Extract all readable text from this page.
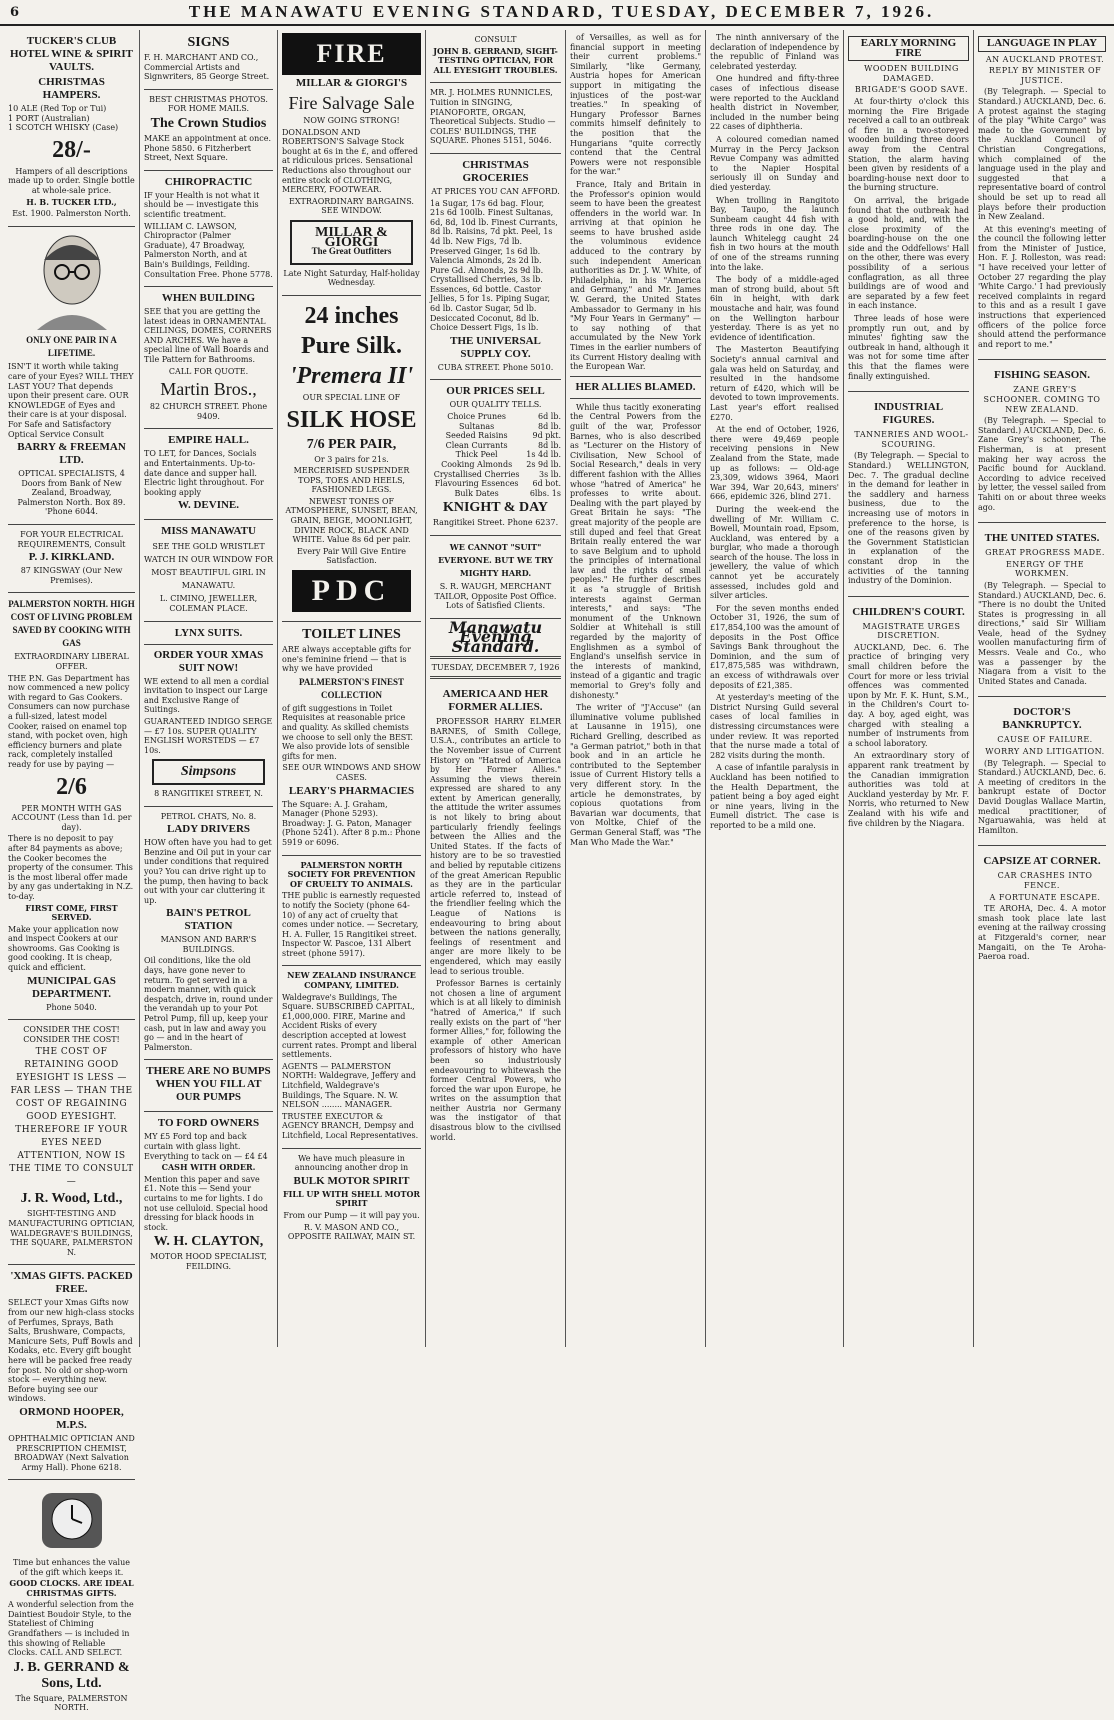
6	THE MANAWATU EVENING STANDARD, TUESDAY, DECEMBER 7, 1926.
TUCKER'S CLUB HOTEL WINE & SPIRIT VAULTS.
CHRISTMAS HAMPERS.

10 ALE (Red Top or Tui)
1 PORT (Australian)
1 SCOTCH WHISKY (Case)

28/-

Hampers of all descriptions made up to order. Single bottle at whole-sale price.

H. B. TUCKER LTD.,

Est. 1900. Palmerston North.

ONLY ONE PAIR IN A LIFETIME.

ISN'T it worth while taking care of your Eyes? WILL THEY LAST YOU? That depends upon their present care. OUR KNOWLEDGE of Eyes and their care is at your disposal. For Safe and Satisfactory Optical Service Consult

BARRY & FREEMAN LTD.

OPTICAL SPECIALISTS, 4 Doors from Bank of New Zealand, Broadway, Palmerston North. Box 89. 'Phone 6044.

FOR YOUR ELECTRICAL REQUIREMENTS, Consult

P. J. KIRKLAND.

87 KINGSWAY (Our New Premises).

PALMERSTON NORTH. HIGH COST OF LIVING PROBLEM SAVED BY COOKING WITH GAS

EXTRAORDINARY LIBERAL OFFER.

THE P.N. Gas Department has now commenced a new policy with regard to Gas Cookers. Consumers can now purchase a full-sized, latest model Cooker, raised on enamel top stand, with pocket oven, high efficiency burners and plate rack, completely installed ready for use by paying —

2/6

PER MONTH WITH GAS ACCOUNT (Less than 1d. per day).

There is no deposit to pay after 84 payments as above; the Cooker becomes the property of the consumer. This is the most liberal offer made by any gas undertaking in N.Z. to-day.

FIRST COME, FIRST SERVED.

Make your application now and inspect Cookers at our showrooms. Gas Cooking is good cooking. It is cheap, quick and efficient.

MUNICIPAL GAS DEPARTMENT.

Phone 5040.

CONSIDER THE COST! CONSIDER THE COST!

THE COST OF RETAINING GOOD EYESIGHT IS LESS — FAR LESS — THAN THE COST OF REGAINING GOOD EYESIGHT. THEREFORE IF YOUR EYES NEED ATTENTION, NOW IS THE TIME TO CONSULT —

J. R. Wood, Ltd.,

SIGHT-TESTING AND MANUFACTURING OPTICIAN, WALDEGRAVE'S BUILDINGS, THE SQUARE, PALMERSTON N.

'XMAS GIFTS. PACKED FREE.

SELECT your Xmas Gifts now from our new high-class stocks of Perfumes, Sprays, Bath Salts, Brushware, Compacts, Manicure Sets, Puff Bowls and Kodaks, etc. Every gift bought here will be packed free ready for post. No old or shop-worn stock — everything new. Before buying see our windows.

ORMOND HOOPER, M.P.S.

OPHTHALMIC OPTICIAN AND PRESCRIPTION CHEMIST, BROADWAY (Next Salvation Army Hall). Phone 6218.

Time but enhances the value of the gift which keeps it.

GOOD CLOCKS. ARE IDEAL CHRISTMAS GIFTS.

A wonderful selection from the Daintiest Boudoir Style, to the Stateliest of Chiming Grandfathers — is included in this showing of Reliable Clocks. CALL AND SELECT.

J. B. GERRAND & Sons, Ltd.

The Square, PALMERSTON NORTH.

SIGNS

F. H. MARCHANT AND CO., Commercial Artists and Signwriters, 85 George Street.

BEST CHRISTMAS PHOTOS. FOR HOME MAILS.

The Crown Studios

MAKE an appointment at once. Phone 5850. 6 Fitzherbert Street, Next Square.

CHIROPRACTIC

IF your Health is not what it should be — investigate this scientific treatment.

WILLIAM C. LAWSON, Chiropractor (Palmer Graduate), 47 Broadway, Palmerston North, and at Bain's Buildings, Feilding. Consultation Free. Phone 5778.

WHEN BUILDING

SEE that you are getting the latest ideas in ORNAMENTAL CEILINGS, DOMES, CORNERS AND ARCHES. We have a special line of Wall Boards and Tile Pattern for Bathrooms.

CALL FOR QUOTE.

Martin Bros.,

82 CHURCH STREET. Phone 9409.

EMPIRE HALL.

TO LET, for Dances, Socials and Entertainments. Up-to-date dance and supper hall. Electric light throughout. For booking apply

W. DEVINE.
MISS MANAWATU

SEE THE GOLD WRISTLET WATCH IN OUR WINDOW FOR MOST BEAUTIFUL GIRL IN MANAWATU.

L. CIMINO, JEWELLER, COLEMAN PLACE.

LYNX SUITS.
ORDER YOUR XMAS SUIT NOW!

WE extend to all men a cordial invitation to inspect our Large and Exclusive Range of Suitings.

GUARANTEED INDIGO SERGE — £7 10s. SUPER QUALITY ENGLISH WORSTEDS — £7 10s.

Simpsons

8 RANGITIKEI STREET, N.

PETROL CHATS, No. 8.

LADY DRIVERS

HOW often have you had to get Benzine and Oil put in your car under conditions that required you? You can drive right up to the pump, then having to back out with your car cluttering it up.

BAIN'S PETROL STATION

MANSON AND BARR'S BUILDINGS.

Oil conditions, like the old days, have gone never to return. To get served in a modern manner, with quick despatch, drive in, round under the verandah up to your Pot Petrol Pump, fill up, keep your cash, put in law and away you go — and in the heart of Palmerston.

THERE ARE NO BUMPS WHEN YOU FILL AT OUR PUMPS
TO FORD OWNERS

MY £5 Ford top and back curtain with glass light. Everything to tack on — £4 £4

CASH WITH ORDER.

Mention this paper and save £1. Note this — Send your curtains to me for lights. I do not use celluloid. Special hood dressing for black hoods in stock.

W. H. CLAYTON,

MOTOR HOOD SPECIALIST, FEILDING.

FIRE
MILLAR & GIORGI'S
Fire Salvage Sale

NOW GOING STRONG!

DONALDSON AND ROBERTSON'S Salvage Stock bought at 6s in the £, and offered at ridiculous prices. Sensational Reductions also throughout our entire stock of CLOTHING, MERCERY, FOOTWEAR.

EXTRAORDINARY BARGAINS. SEE WINDOW.

MILLAR & GIORGI
The Great Outfitters

Late Night Saturday, Half-holiday Wednesday.

24 inches
Pure Silk.
'Premera II'

OUR SPECIAL LINE OF

SILK HOSE
7/6 PER PAIR,

Or 3 pairs for 21s.

MERCERISED SUSPENDER TOPS, TOES AND HEELS, FASHIONED LEGS.

NEWEST TONES OF ATMOSPHERE, SUNSET, BEAN, GRAIN, BEIGE, MOONLIGHT, DIVINE ROCK, BLACK AND WHITE. Value 8s 6d per pair.

Every Pair Will Give Entire Satisfaction.

PDC
TOILET LINES

ARE always acceptable gifts for one's feminine friend — that is why we have provided

PALMERSTON'S FINEST COLLECTION

of gift suggestions in Toilet Requisites at reasonable price and quality. As skilled chemists we choose to sell only the BEST. We also provide lots of sensible gifts for men.

SEE OUR WINDOWS AND SHOW CASES.

LEARY'S PHARMACIES

The Square: A. J. Graham, Manager (Phone 5293). Broadway: J. G. Paton, Manager (Phone 5241). After 8 p.m.: Phone 5919 or 6096.

PALMERSTON NORTH SOCIETY FOR PREVENTION OF CRUELTY TO ANIMALS.

THE public is earnestly requested to notify the Society (phone 64-10) of any act of cruelty that comes under notice. — Secretary, H. A. Fuller, 15 Rangitikei street. Inspector W. Pascoe, 131 Albert street (phone 5917).

NEW ZEALAND INSURANCE COMPANY, LIMITED.

Waldegrave's Buildings, The Square. SUBSCRIBED CAPITAL, £1,000,000. FIRE, Marine and Accident Risks of every description accepted at lowest current rates. Prompt and liberal settlements.

AGENTS — PALMERSTON NORTH: Waldegrave, Jeffery and Litchfield, Waldegrave's Buildings, The Square. N. W. NELSON ........ MANAGER.

TRUSTEE EXECUTOR & AGENCY BRANCH, Dempsy and Litchfield, Local Representatives.

We have much pleasure in announcing another drop in

BULK MOTOR SPIRIT

FILL UP WITH SHELL MOTOR SPIRIT

From our Pump — it will pay you.

R. V. MASON AND CO., OPPOSITE RAILWAY, MAIN ST.

CONSULT

JOHN B. GERRAND, SIGHT-TESTING OPTICIAN, FOR ALL EYESIGHT TROUBLES.

MR. J. HOLMES RUNNICLES, Tuition in SINGING, PIANOFORTE, ORGAN, Theoretical Subjects. Studio — COLES' BUILDINGS, THE SQUARE. Phones 5151, 5046.

CHRISTMAS GROCERIES

AT PRICES YOU CAN AFFORD.

1a Sugar, 17s 6d bag. Flour, 21s 6d 100lb. Finest Sultanas, 6d, 8d, 10d lb. Finest Currants, 8d lb. Raisins, 7d pkt. Peel, 1s 4d lb. New Figs, 7d lb. Preserved Ginger, 1s 6d lb. Valencia Almonds, 2s 2d lb. Pure Gd. Almonds, 2s 9d lb. Crystallised Cherries, 3s lb. Essences, 6d bottle. Castor Jellies, 5 for 1s. Piping Sugar, 6d lb. Castor Sugar, 5d lb. Desiccated Coconut, 8d lb. Choice Dessert Figs, 1s lb.

THE UNIVERSAL SUPPLY COY.

CUBA STREET. Phone 5010.

OUR PRICES SELL

OUR QUALITY TELLS.

Choice Prunes	6d lb.
Sultanas	8d lb.
Seeded Raisins	9d pkt.
Clean Currants	8d lb.
Thick Peel	1s 4d lb.
Cooking Almonds	2s 9d lb.
Crystallised Cherries	3s lb.
Flavouring Essences	6d bot.
Bulk Dates	6lbs. 1s
KNIGHT & DAY

Rangitikei Street. Phone 6237.

WE CANNOT "SUIT" EVERYONE. BUT WE TRY MIGHTY HARD.

S. R. WAUGH, MERCHANT TAILOR, Opposite Post Office. Lots of Satisfied Clients.

Manawatu Evening Standard.

TUESDAY, DECEMBER 7, 1926

AMERICA AND HER FORMER ALLIES.

PROFESSOR HARRY ELMER BARNES, of Smith College, U.S.A., contributes an article to the November issue of Current History on "Hatred of America by Her Former Allies." Assuming the views therein expressed are shared to any extent by American generally, the attitude the writer assumes is not likely to bring about particularly friendly feelings between the Allies and the United States. If the facts of history are to be so travestied and belied by reputable citizens of the great American Republic as they are in the particular article referred to, instead of the friendlier feeling which the League of Nations is endeavouring to bring about between the nations generally, feelings of resentment and anger are more likely to be engendered, which may easily lead to serious trouble.

Professor Barnes is certainly not chosen a line of argument which is at all likely to diminish "hatred of America," if such really exists on the part of "her former Allies," for, following the example of other American professors of history who have been so industriously endeavouring to whitewash the former Central Powers, who forced the war upon Europe, he writes on the assumption that neither Austria nor Germany was the instigator of that disastrous blow to the civilised world.

of Versailles, as well as for financial support in meeting their current problems." Similarly, "like Germany, Austria hopes for American support in mitigating the injustices of the post-war treaties." In speaking of Hungary Professor Barnes commits himself definitely to the position that the Hungarians "quite correctly contend that the Central Powers were not responsible for the war."

France, Italy and Britain in the Professor's opinion would seem to have been the greatest offenders in the world war. In arriving at that opinion he seems to have brushed aside the voluminous evidence adduced to the contrary by such independent American authorities as Dr. J. W. White, of Philadelphia, in his "America and Germany," and Mr. James W. Gerard, the United States Ambassador to Germany in his "My Four Years in Germany" — to say nothing of that accumulated by the New York Times in the earlier numbers of its Current History dealing with the European War.

HER ALLIES BLAMED.

While thus tacitly exonerating the Central Powers from the guilt of the war, Professor Barnes, who is also described as "Lecturer on the History of Civilisation, New School of Social Research," deals in very different fashion with the Allies whose "hatred of America" he professes to write about. Dealing with the part played by Great Britain he says: "The great majority of the people are still duped and feel that Great Britain really entered the war to save Belgium and to uphold the principles of international law and the rights of small peoples." He further describes it as "a struggle of British interests against German interests," and says: "The monument of the Unknown Soldier at Whitehall is still regarded by the majority of Englishmen as a symbol of England's unselfish service in the interests of mankind, instead of a gigantic and tragic memorial to Grey's folly and dishonesty."

The writer of "J'Accuse" (an illuminative volume published at Lausanne in 1915), one Richard Grelling, described as "a German patriot," both in that book and in an article he contributed to the September issue of Current History tells a very different story. In the article he demonstrates, by copious quotations from Bavarian war documents, that von Moltke, Chief of the German General Staff, was "The Man Who Made the War."

The ninth anniversary of the declaration of independence by the republic of Finland was celebrated yesterday.

One hundred and fifty-three cases of infectious disease were reported to the Auckland health district in November, included in the number being 22 cases of diphtheria.

A coloured comedian named Murray in the Percy Jackson Revue Company was admitted to the Napier Hospital seriously ill on Sunday and died yesterday.

When trolling in Rangitoto Bay, Taupo, the launch Sunbeam caught 44 fish with three rods in one day. The launch Whitelegg caught 24 fish in two hours at the mouth of one of the streams running into the lake.

The body of a middle-aged man of strong build, about 5ft 6in in height, with dark moustache and hair, was found on the Wellington harbour yesterday. There is as yet no evidence of identification.

The Masterton Beautifying Society's annual carnival and gala was held on Saturday, and resulted in the handsome return of £420, which will be devoted to town improvements. Last year's effort realised £270.

At the end of October, 1926, there were 49,469 people receiving pensions in New Zealand from the State, made up as follows: — Old-age 23,309, widows 3964, Maori War 394, War 20,643, miners' 666, epidemic 326, blind 271.

During the week-end the dwelling of Mr. William C. Bowell, Mountain road, Epsom, Auckland, was entered by a burglar, who made a thorough search of the house. The loss in jewellery, the value of which cannot yet be accurately assessed, includes gold and silver articles.

For the seven months ended October 31, 1926, the sum of £17,854,100 was the amount of deposits in the Post Office Savings Bank throughout the Dominion, and the sum of £17,875,585 was withdrawn, an excess of withdrawals over deposits of £21,385.

At yesterday's meeting of the District Nursing Guild several cases of local families in distressing circumstances were under review. It was reported that the nurse made a total of 282 visits during the month.

A case of infantile paralysis in Auckland has been notified to the Health Department, the patient being a boy aged eight or nine years, living in the Eumell district. The case is reported to be a mild one.

EARLY MORNING FIRE

WOODEN BUILDING DAMAGED.

BRIGADE'S GOOD SAVE.

At four-thirty o'clock this morning the Fire Brigade received a call to an outbreak of fire in a two-storeyed wooden building three doors away from the Central Station, the alarm having been given by residents of a boarding-house next door to the burning structure.

On arrival, the brigade found that the outbreak had a good hold, and, with the close proximity of the boarding-house on the one side and the Oddfellows' Hall on the other, there was every possibility of a serious conflagration, as all three buildings are of wood and are separated by a few feet in each instance.

Three leads of hose were promptly run out, and by minutes' fighting saw the outbreak in hand, although it was not for some time after this that the flames were finally extinguished.

INDUSTRIAL FIGURES.

TANNERIES AND WOOL-SCOURING.

(By Telegraph. — Special to Standard.) WELLINGTON, Dec. 7. The gradual decline in the demand for leather in the saddlery and harness business, due to the increasing use of motors in preference to the horse, is one of the reasons given by the Government Statistician in explanation of the constant drop in the activities of the tanning industry of the Dominion.

CHILDREN'S COURT.

MAGISTRATE URGES DISCRETION.

AUCKLAND, Dec. 6. The practice of bringing very small children before the Court for more or less trivial offences was commented upon by Mr. F. K. Hunt, S.M., in the Children's Court to-day. A boy, aged eight, was charged with stealing a number of instruments from a school laboratory.

An extraordinary story of apparent rank treatment by the Canadian immigration authorities was told at Auckland yesterday by Mr. F. Norris, who returned to New Zealand with his wife and five children by the Niagara.

LANGUAGE IN PLAY

AN AUCKLAND PROTEST.

REPLY BY MINISTER OF JUSTICE.

(By Telegraph. — Special to Standard.) AUCKLAND, Dec. 6. A protest against the staging of the play "White Cargo" was made to the Government by the Auckland Council of Christian Congregations, which complained of the language used in the play and suggested that a representative board of control should be set up to read all plays before their production in New Zealand.

At this evening's meeting of the council the following letter from the Minister of Justice, Hon. F. J. Rolleston, was read: "I have received your letter of October 27 regarding the play 'White Cargo.' I had previously received complaints in regard to this and as a result I gave instructions that experienced officers of the police force should attend the performance and report to me."

FISHING SEASON.

ZANE GREY'S SCHOONER. COMING TO NEW ZEALAND.

(By Telegraph. — Special to Standard.) AUCKLAND, Dec. 6. Zane Grey's schooner, The Fisherman, is at present making her way across the Pacific bound for Auckland. According to advice received by letter, the vessel sailed from Tahiti on or about three weeks ago.

THE UNITED STATES.

GREAT PROGRESS MADE.

ENERGY OF THE WORKMEN.

(By Telegraph. — Special to Standard.) AUCKLAND, Dec. 6. "There is no doubt the United States is progressing in all directions," said Sir William Veale, head of the Sydney woollen manufacturing firm of Messrs. Veale and Co., who was a passenger by the Niagara from a visit to the United States and Canada.

DOCTOR'S BANKRUPTCY.

CAUSE OF FAILURE.

WORRY AND LITIGATION.

(By Telegraph. — Special to Standard.) AUCKLAND, Dec. 6. A meeting of creditors in the bankrupt estate of Doctor David Douglas Wallace Martin, medical practitioner, of Ngaruawahia, was held at Hamilton.

CAPSIZE AT CORNER.

CAR CRASHES INTO FENCE.

A FORTUNATE ESCAPE.

TE AROHA, Dec. 4. A motor smash took place late last evening at the railway crossing at Fitzgerald's corner, near Mangaiti, on the Te Aroha-Paeroa road.
